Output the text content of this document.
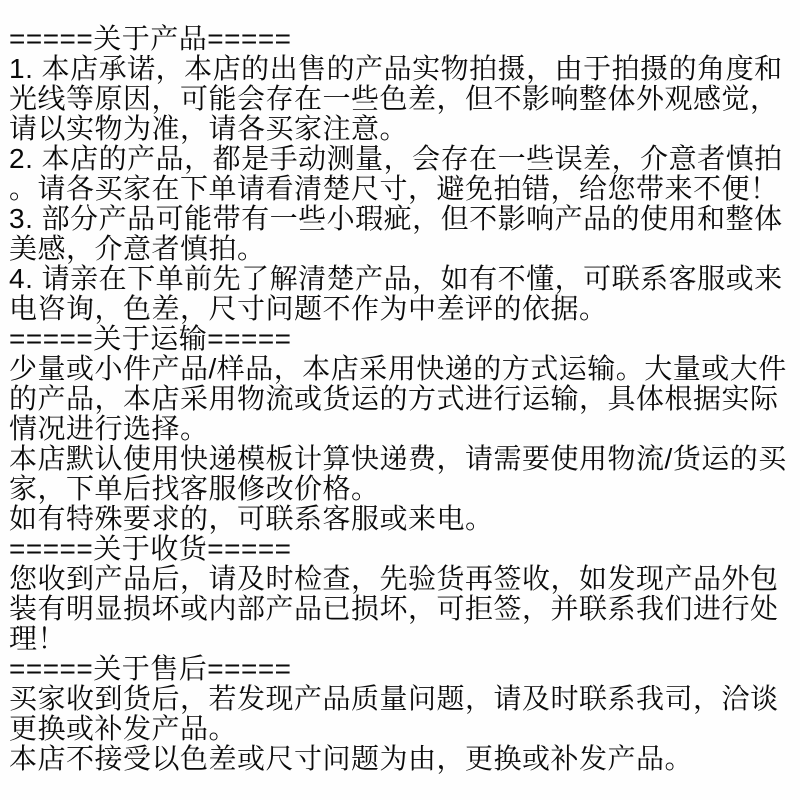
=====关于产品=====
1. 本店承诺，本店的出售的产品实物拍摄，由于拍摄的角度和
光线等原因，可能会存在一些色差，但不影响整体外观感觉，
请以实物为准，请各买家注意。
2. 本店的产品，都是手动测量，会存在一些误差，介意者慎拍
。请各买家在下单请看清楚尺寸，避免拍错，给您带来不便！
3. 部分产品可能带有一些小瑕疵，但不影响产品的使用和整体
美感，介意者慎拍。
4. 请亲在下单前先了解清楚产品，如有不懂，可联系客服或来
电咨询，色差，尺寸问题不作为中差评的依据。
=====关于运输=====
少量或小件产品/样品，本店采用快递的方式运输。大量或大件
的产品，本店采用物流或货运的方式进行运输，具体根据实际
情况进行选择。
本店默认使用快递模板计算快递费，请需要使用物流/货运的买
家，下单后找客服修改价格。
如有特殊要求的，可联系客服或来电。
=====关于收货=====
您收到产品后，请及时检查，先验货再签收，如发现产品外包
装有明显损坏或内部产品已损坏，可拒签，并联系我们进行处
理！
=====关于售后=====
买家收到货后，若发现产品质量问题，请及时联系我司，洽谈
更换或补发产品。
本店不接受以色差或尺寸问题为由，更换或补发产品。
